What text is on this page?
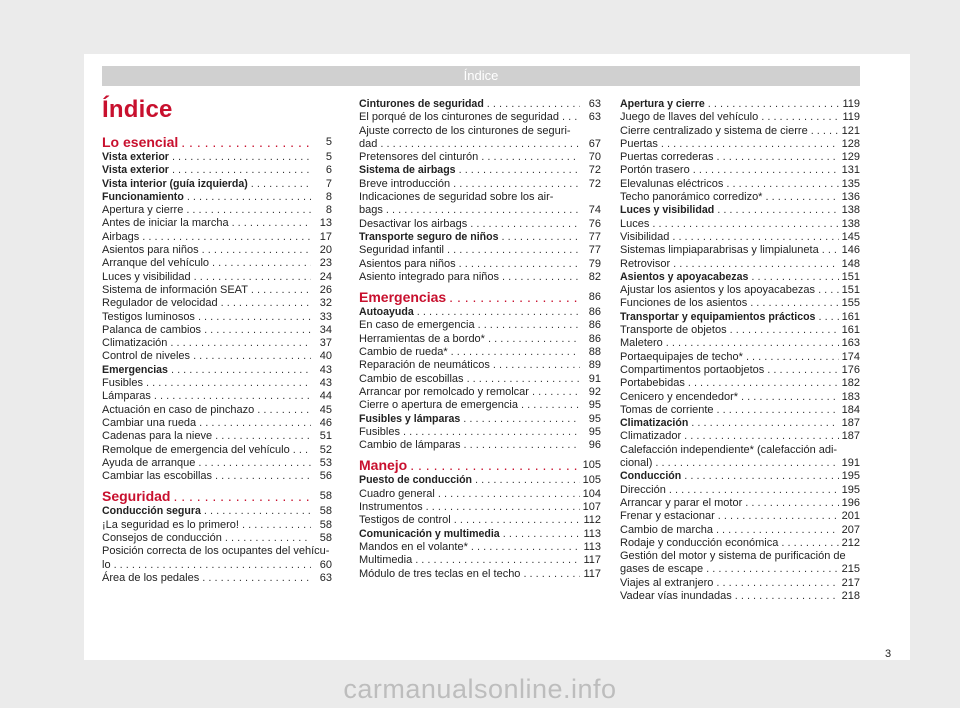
Índice
Índice
Lo esencial . . .	5
Vista exterior . . .	5
Vista exterior . . .	6
Vista interior (guía izquierda) . . .	7
Funcionamiento . . .	8
Apertura y cierre . . .	8
Antes de iniciar la marcha . . .	13
Airbags . . .	17
Asientos para niños . . .	20
Arranque del vehículo . . .	23
Luces y visibilidad . . .	24
Sistema de información SEAT . . .	26
Regulador de velocidad . . .	32
Testigos luminosos . . .	33
Palanca de cambios . . .	34
Climatización . . .	37
Control de niveles . . .	40
Emergencias . . .	43
Fusibles . . .	43
Lámparas . . .	44
Actuación en caso de pinchazo . . .	45
Cambiar una rueda . . .	46
Cadenas para la nieve . . .	51
Remolque de emergencia del vehículo . . .	52
Ayuda de arranque . . .	53
Cambiar las escobillas . . .	56
Seguridad . . .	58
Conducción segura . . .	58
¡La seguridad es lo primero! . . .	58
Consejos de conducción . . .	58
Posición correcta de los ocupantes del vehícu-
lo . . .	60
Área de los pedales . . .	63
Cinturones de seguridad . . .	63
El porqué de los cinturones de seguridad . . .	63
Ajuste correcto de los cinturones de seguri-
dad . . .	67
Pretensores del cinturón . . .	70
Sistema de airbags . . .	72
Breve introducción . . .	72
Indicaciones de seguridad sobre los air-
bags . . .	74
Desactivar los airbags . . .	76
Transporte seguro de niños . . .	77
Seguridad infantil . . .	77
Asientos para niños . . .	79
Asiento integrado para niños . . .	82
Emergencias . . .	86
Autoayuda . . .	86
En caso de emergencia . . .	86
Herramientas de a bordo* . . .	86
Cambio de rueda* . . .	88
Reparación de neumáticos . . .	89
Cambio de escobillas . . .	91
Arrancar por remolcado y remolcar . . .	92
Cierre o apertura de emergencia . . .	95
Fusibles y lámparas . . .	95
Fusibles . . .	95
Cambio de lámparas . . .	96
Manejo . . .	105
Puesto de conducción . . .	105
Cuadro general . . .	104
Instrumentos . . .	107
Testigos de control . . .	112
Comunicación y multimedia . . .	113
Mandos en el volante* . . .	113
Multimedia . . .	117
Módulo de tres teclas en el techo . . .	117
Apertura y cierre . . .	119
Juego de llaves del vehículo . . .	119
Cierre centralizado y sistema de cierre . . .	121
Puertas . . .	128
Puertas correderas . . .	129
Portón trasero . . .	131
Elevalunas eléctricos . . .	135
Techo panorámico corredizo* . . .	136
Luces y visibilidad . . .	138
Luces . . .	138
Visibilidad . . .	145
Sistemas limpiaparabrisas y limpialuneta . . . 146
Retrovisor . . .	148
Asientos y apoyacabezas . . .	151
Ajustar los asientos y los apoyacabezas . . . 151
Funciones de los asientos . . .	155
Transportar y equipamientos prácticos . . . 161
Transporte de objetos . . .	161
Maletero . . .	163
Portaequipajes de techo* . . .	174
Compartimentos portaobjetos . . .	176
Portabebidas . . .	182
Cenicero y encendedor* . . .	183
Tomas de corriente . . .	184
Climatización . . .	187
Climatizador . . .	187
Calefacción independiente* (calefacción adi-
cional) . . .	191
Conducción . . .	195
Dirección . . .	195
Arrancar y parar el motor . . .	196
Frenar y estacionar . . .	201
Cambio de marcha . . .	207
Rodaje y conducción económica . . .	212
Gestión del motor y sistema de purificación de
gases de escape . . .	215
Viajes al extranjero . . .	217
Vadear vías inundadas . . .	218
3
carmanualsonline.info
